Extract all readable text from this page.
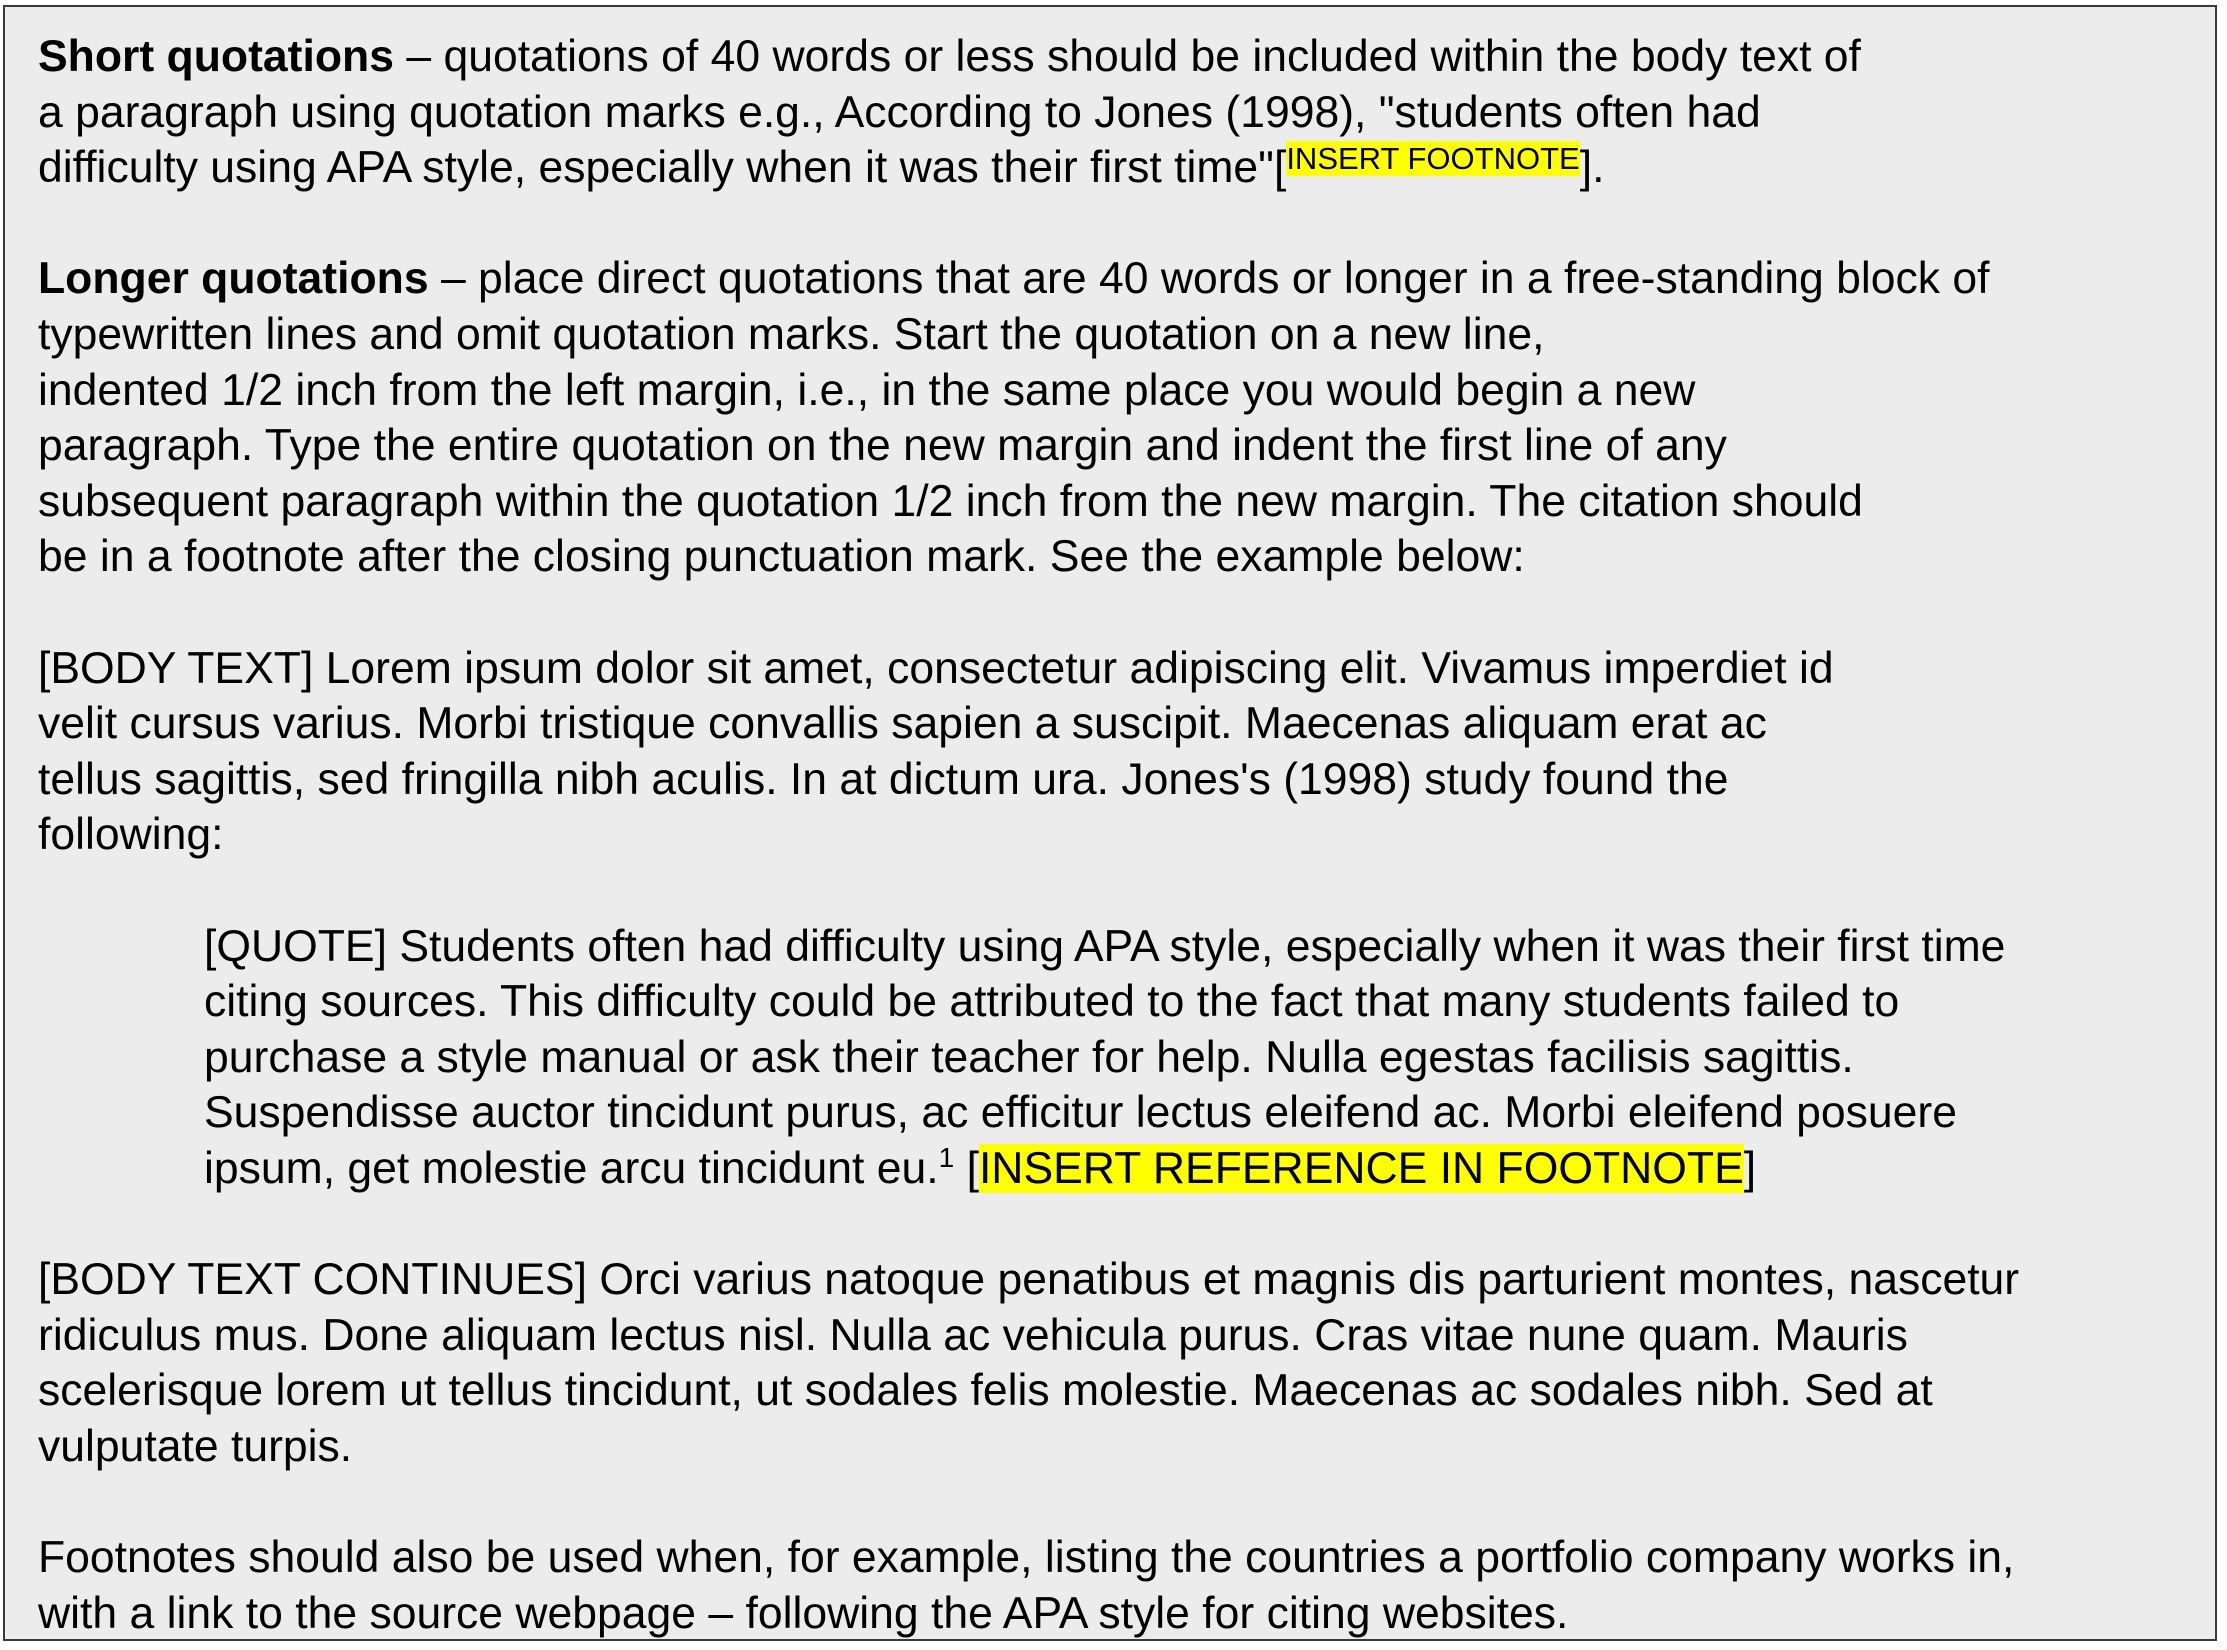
Short quotations – quotations of 40 words or less should be included within the body text of
a paragraph using quotation marks e.g., According to Jones (1998), "students often had
difficulty using APA style, especially when it was their first time"[$^{INSERT FOOTNOTE}$].
Longer quotations – place direct quotations that are 40 words or longer in a free-standing block of
typewritten lines and omit quotation marks. Start the quotation on a new line,
indented 1/2 inch from the left margin, i.e., in the same place you would begin a new
paragraph. Type the entire quotation on the new margin and indent the first line of any
subsequent paragraph within the quotation 1/2 inch from the new margin. The citation should
be in a footnote after the closing punctuation mark. See the example below:
[BODY TEXT] Lorem ipsum dolor sit amet, consectetur adipiscing elit. Vivamus imperdiet id
velit cursus varius. Morbi tristique convallis sapien a suscipit. Maecenas aliquam erat ac
tellus sagittis, sed fringilla nibh aculis. In at dictum ura. Jones's (1998) study found the
following:
[QUOTE] Students often had difficulty using APA style, especially when it was their first time
citing sources. This difficulty could be attributed to the fact that many students failed to
purchase a style manual or ask their teacher for help. Nulla egestas facilisis sagittis.
Suspendisse auctor tincidunt purus, ac efficitur lectus eleifend ac. Morbi eleifend posuere
ipsum, get molestie arcu tincidunt eu.$^1$ [INSERT REFERENCE IN FOOTNOTE]
[BODY TEXT CONTINUES] Orci varius natoque penatibus et magnis dis parturient montes, nascetur
ridiculus mus. Done aliquam lectus nisl. Nulla ac vehicula purus. Cras vitae nune quam. Mauris
scelerisque lorem ut tellus tincidunt, ut sodales felis molestie. Maecenas ac sodales nibh. Sed at
vulputate turpis.
Footnotes should also be used when, for example, listing the countries a portfolio company works in,
with a link to the source webpage – following the APA style for citing websites.
